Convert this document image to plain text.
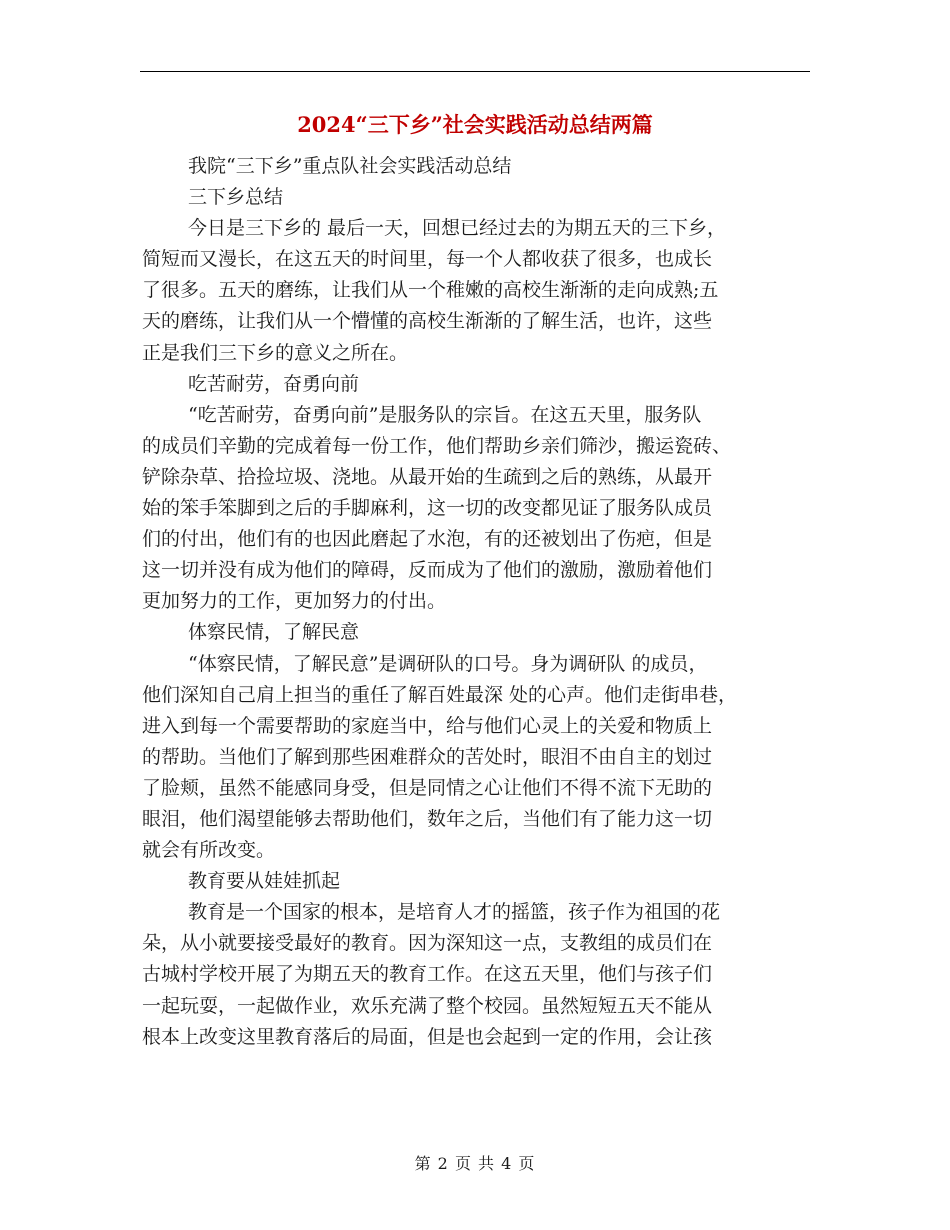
2024“三下乡”社会实践活动总结两篇
我院“三下乡”重点队社会实践活动总结
三下乡总结
今日是三下乡的 最后一天，回想已经过去的为期五天的三下乡，
简短而又漫长，在这五天的时间里，每一个人都收获了很多，也成长
了很多。五天的磨练，让我们从一个稚嫩的高校生渐渐的走向成熟;五
天的磨练，让我们从一个懵懂的高校生渐渐的了解生活，也许，这些
正是我们三下乡的意义之所在。
吃苦耐劳，奋勇向前
“吃苦耐劳，奋勇向前”是服务队的宗旨。在这五天里，服务队
的成员们辛勤的完成着每一份工作，他们帮助乡亲们筛沙，搬运瓷砖、
铲除杂草、拾捡垃圾、浇地。从最开始的生疏到之后的熟练，从最开
始的笨手笨脚到之后的手脚麻利，这一切的改变都见证了服务队成员
们的付出，他们有的也因此磨起了水泡，有的还被划出了伤疤，但是
这一切并没有成为他们的障碍，反而成为了他们的激励，激励着他们
更加努力的工作，更加努力的付出。
体察民情，了解民意
“体察民情，了解民意”是调研队的口号。身为调研队 的成员，
他们深知自己肩上担当的重任了解百姓最深 处的心声。他们走街串巷，
进入到每一个需要帮助的家庭当中，给与他们心灵上的关爱和物质上
的帮助。当他们了解到那些困难群众的苦处时，眼泪不由自主的划过
了脸颊，虽然不能感同身受，但是同情之心让他们不得不流下无助的
眼泪，他们渴望能够去帮助他们，数年之后，当他们有了能力这一切
就会有所改变。
教育要从娃娃抓起
教育是一个国家的根本，是培育人才的摇篮，孩子作为祖国的花
朵，从小就要接受最好的教育。因为深知这一点，支教组的成员们在
古城村学校开展了为期五天的教育工作。在这五天里，他们与孩子们
一起玩耍，一起做作业，欢乐充满了整个校园。虽然短短五天不能从
根本上改变这里教育落后的局面，但是也会起到一定的作用，会让孩
第 2 页 共 4 页
